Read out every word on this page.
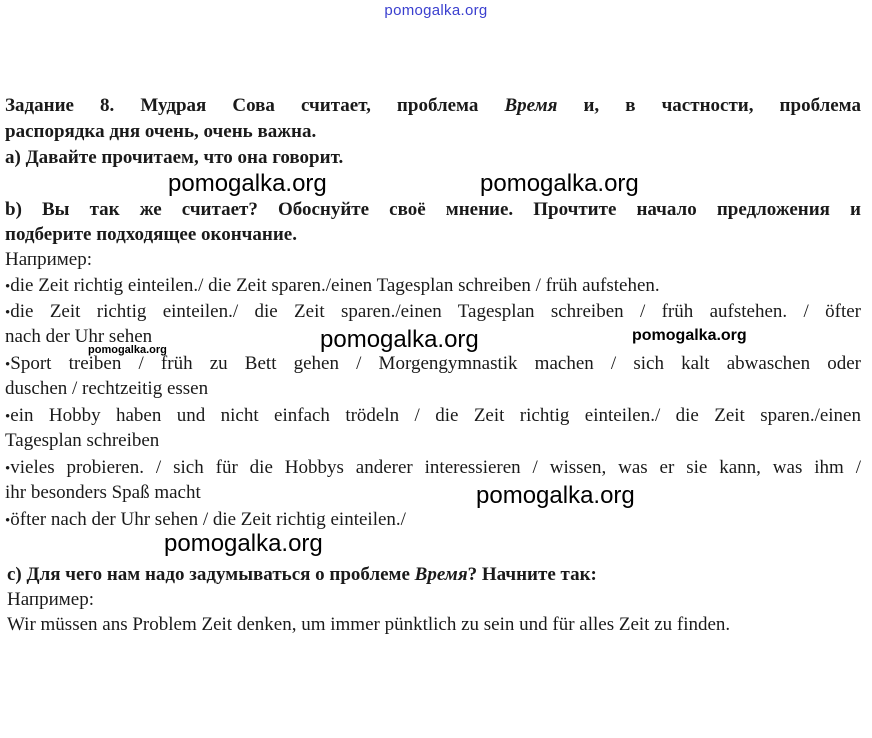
pomogalka.org
Задание 8. Мудрая Сова считает, проблема Время и, в частности, проблема
распорядка дня очень, очень важна.
а) Давайте прочитаем, что она говорит.
b) Вы так же считает? Обоснуйте своё мнение. Прочтите начало предложения и
подберите подходящее окончание.
Например:
•die Zeit richtig einteilen./ die Zeit sparen./einen Tagesplan schreiben / früh aufstehen.
•die Zeit richtig einteilen./ die Zeit sparen./einen Tagesplan schreiben / früh aufstehen. / öfter
nach der Uhr sehen
•Sport treiben / früh zu Bett gehen / Morgengymnastik machen / sich kalt abwaschen oder
duschen / rechtzeitig essen
•ein Hobby haben und nicht einfach trödeln / die Zeit richtig einteilen./ die Zeit sparen./einen
Tagesplan schreiben
•vieles probieren. / sich für die Hobbys anderer interessieren / wissen, was er sie kann, was ihm /
ihr besonders Spaß macht
•öfter nach der Uhr sehen / die Zeit richtig einteilen./
с) Для чего нам надо задумываться о проблеме Время? Начните так:
Например:
Wir müssen ans Problem Zeit denken, um immer pünktlich zu sein und für alles Zeit zu finden.
pomogalka.org	pomogalka.org
pomogalka.org	pomogalka.org
pomogalka.org
pomogalka.org
pomogalka.org
